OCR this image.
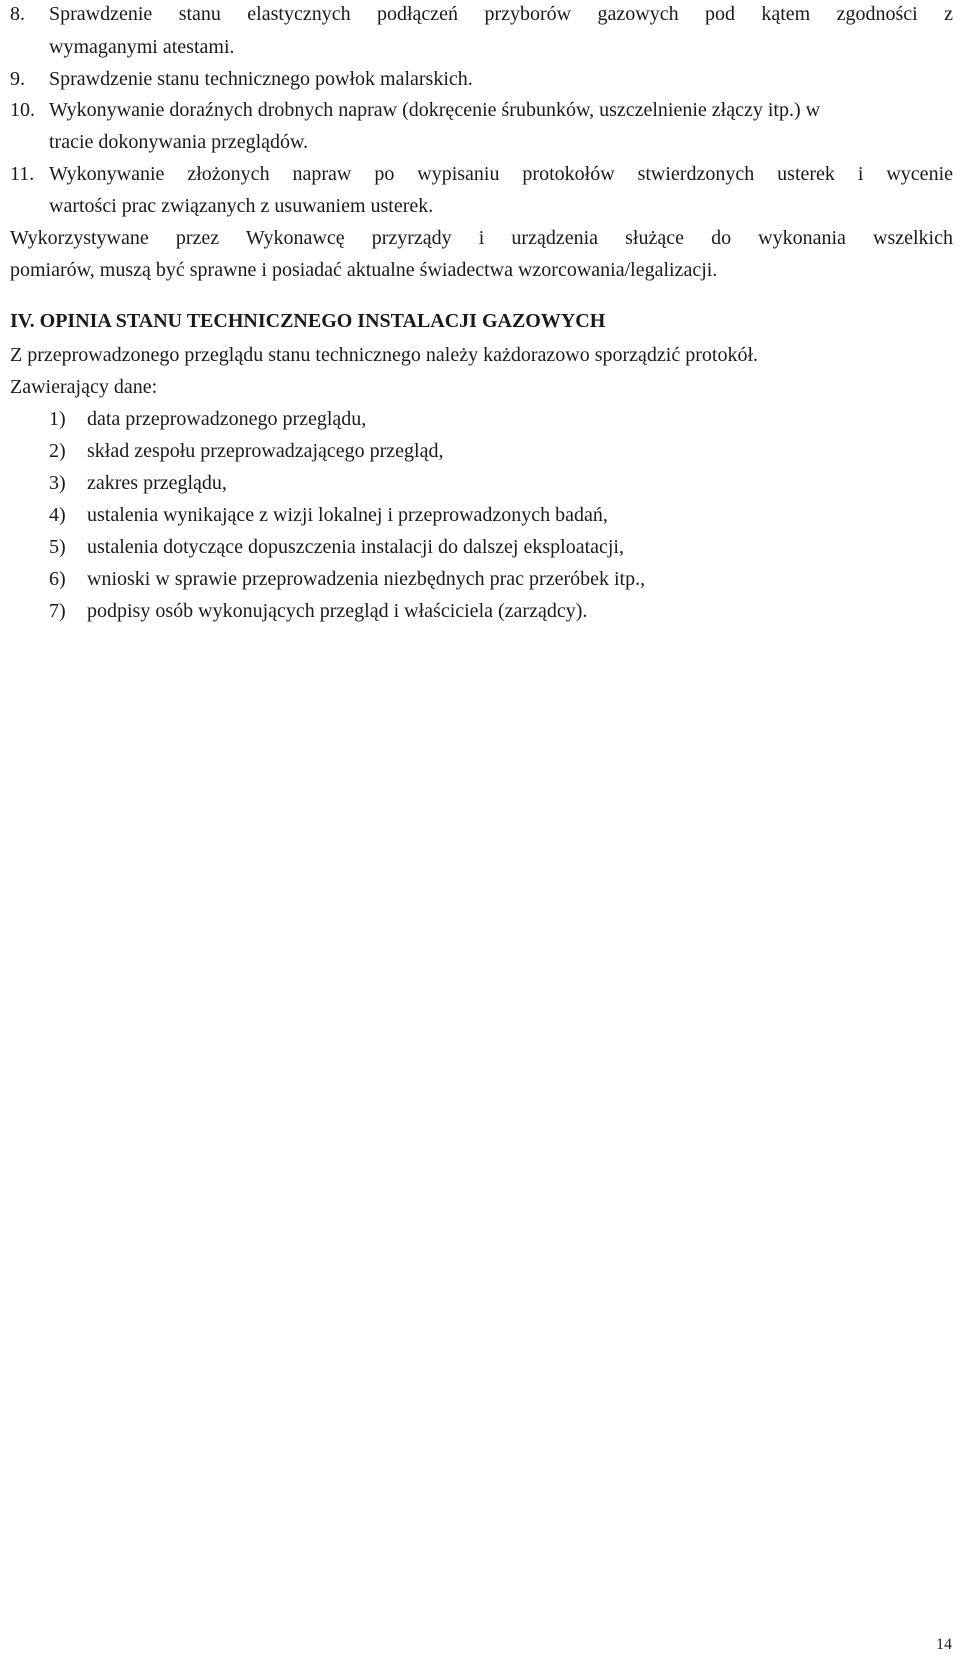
8. Sprawdzenie stanu elastycznych podłączeń przyborów gazowych pod kątem zgodności z
wymaganymi atestami.
9. Sprawdzenie stanu technicznego powłok malarskich.
10. Wykonywanie doraźnych drobnych napraw (dokręcenie śrubunków, uszczelnienie złączy itp.) w
tracie dokonywania przeglądów.
11. Wykonywanie złożonych napraw po wypisaniu protokołów stwierdzonych usterek i wycenie
wartości prac związanych z usuwaniem usterek.
Wykorzystywane przez Wykonawcę przyrządy i urządzenia służące do wykonania wszelkich
pomiarów, muszą być sprawne i posiadać aktualne świadectwa wzorcowania/legalizacji.
IV. OPINIA STANU TECHNICZNEGO INSTALACJI GAZOWYCH
Z przeprowadzonego przeglądu stanu technicznego należy każdorazowo sporządzić protokół.
Zawierający dane:
1) data przeprowadzonego przeglądu,
2) skład zespołu przeprowadzającego przegląd,
3) zakres przeglądu,
4) ustalenia wynikające z wizji lokalnej i przeprowadzonych badań,
5) ustalenia dotyczące dopuszczenia instalacji do dalszej eksploatacji,
6) wnioski w sprawie przeprowadzenia niezbędnych prac przeróbek itp.,
7) podpisy osób wykonujących przegląd i właściciela (zarządcy).
14
